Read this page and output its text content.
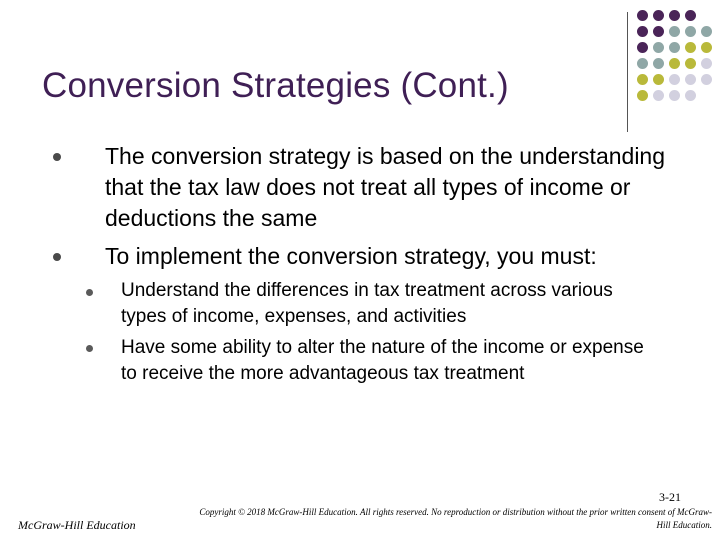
Conversion Strategies (Cont.)
The conversion strategy is based on the understanding that the tax law does not treat all types of income or deductions the same
To implement the conversion strategy, you must:
Understand the differences in tax treatment across various types of income, expenses, and activities
Have some ability to alter the nature of the income or expense to receive the more advantageous tax treatment
3-21
McGraw-Hill Education
Copyright © 2018 McGraw-Hill Education. All rights reserved. No reproduction or distribution without the prior written consent of McGraw-Hill Education.
